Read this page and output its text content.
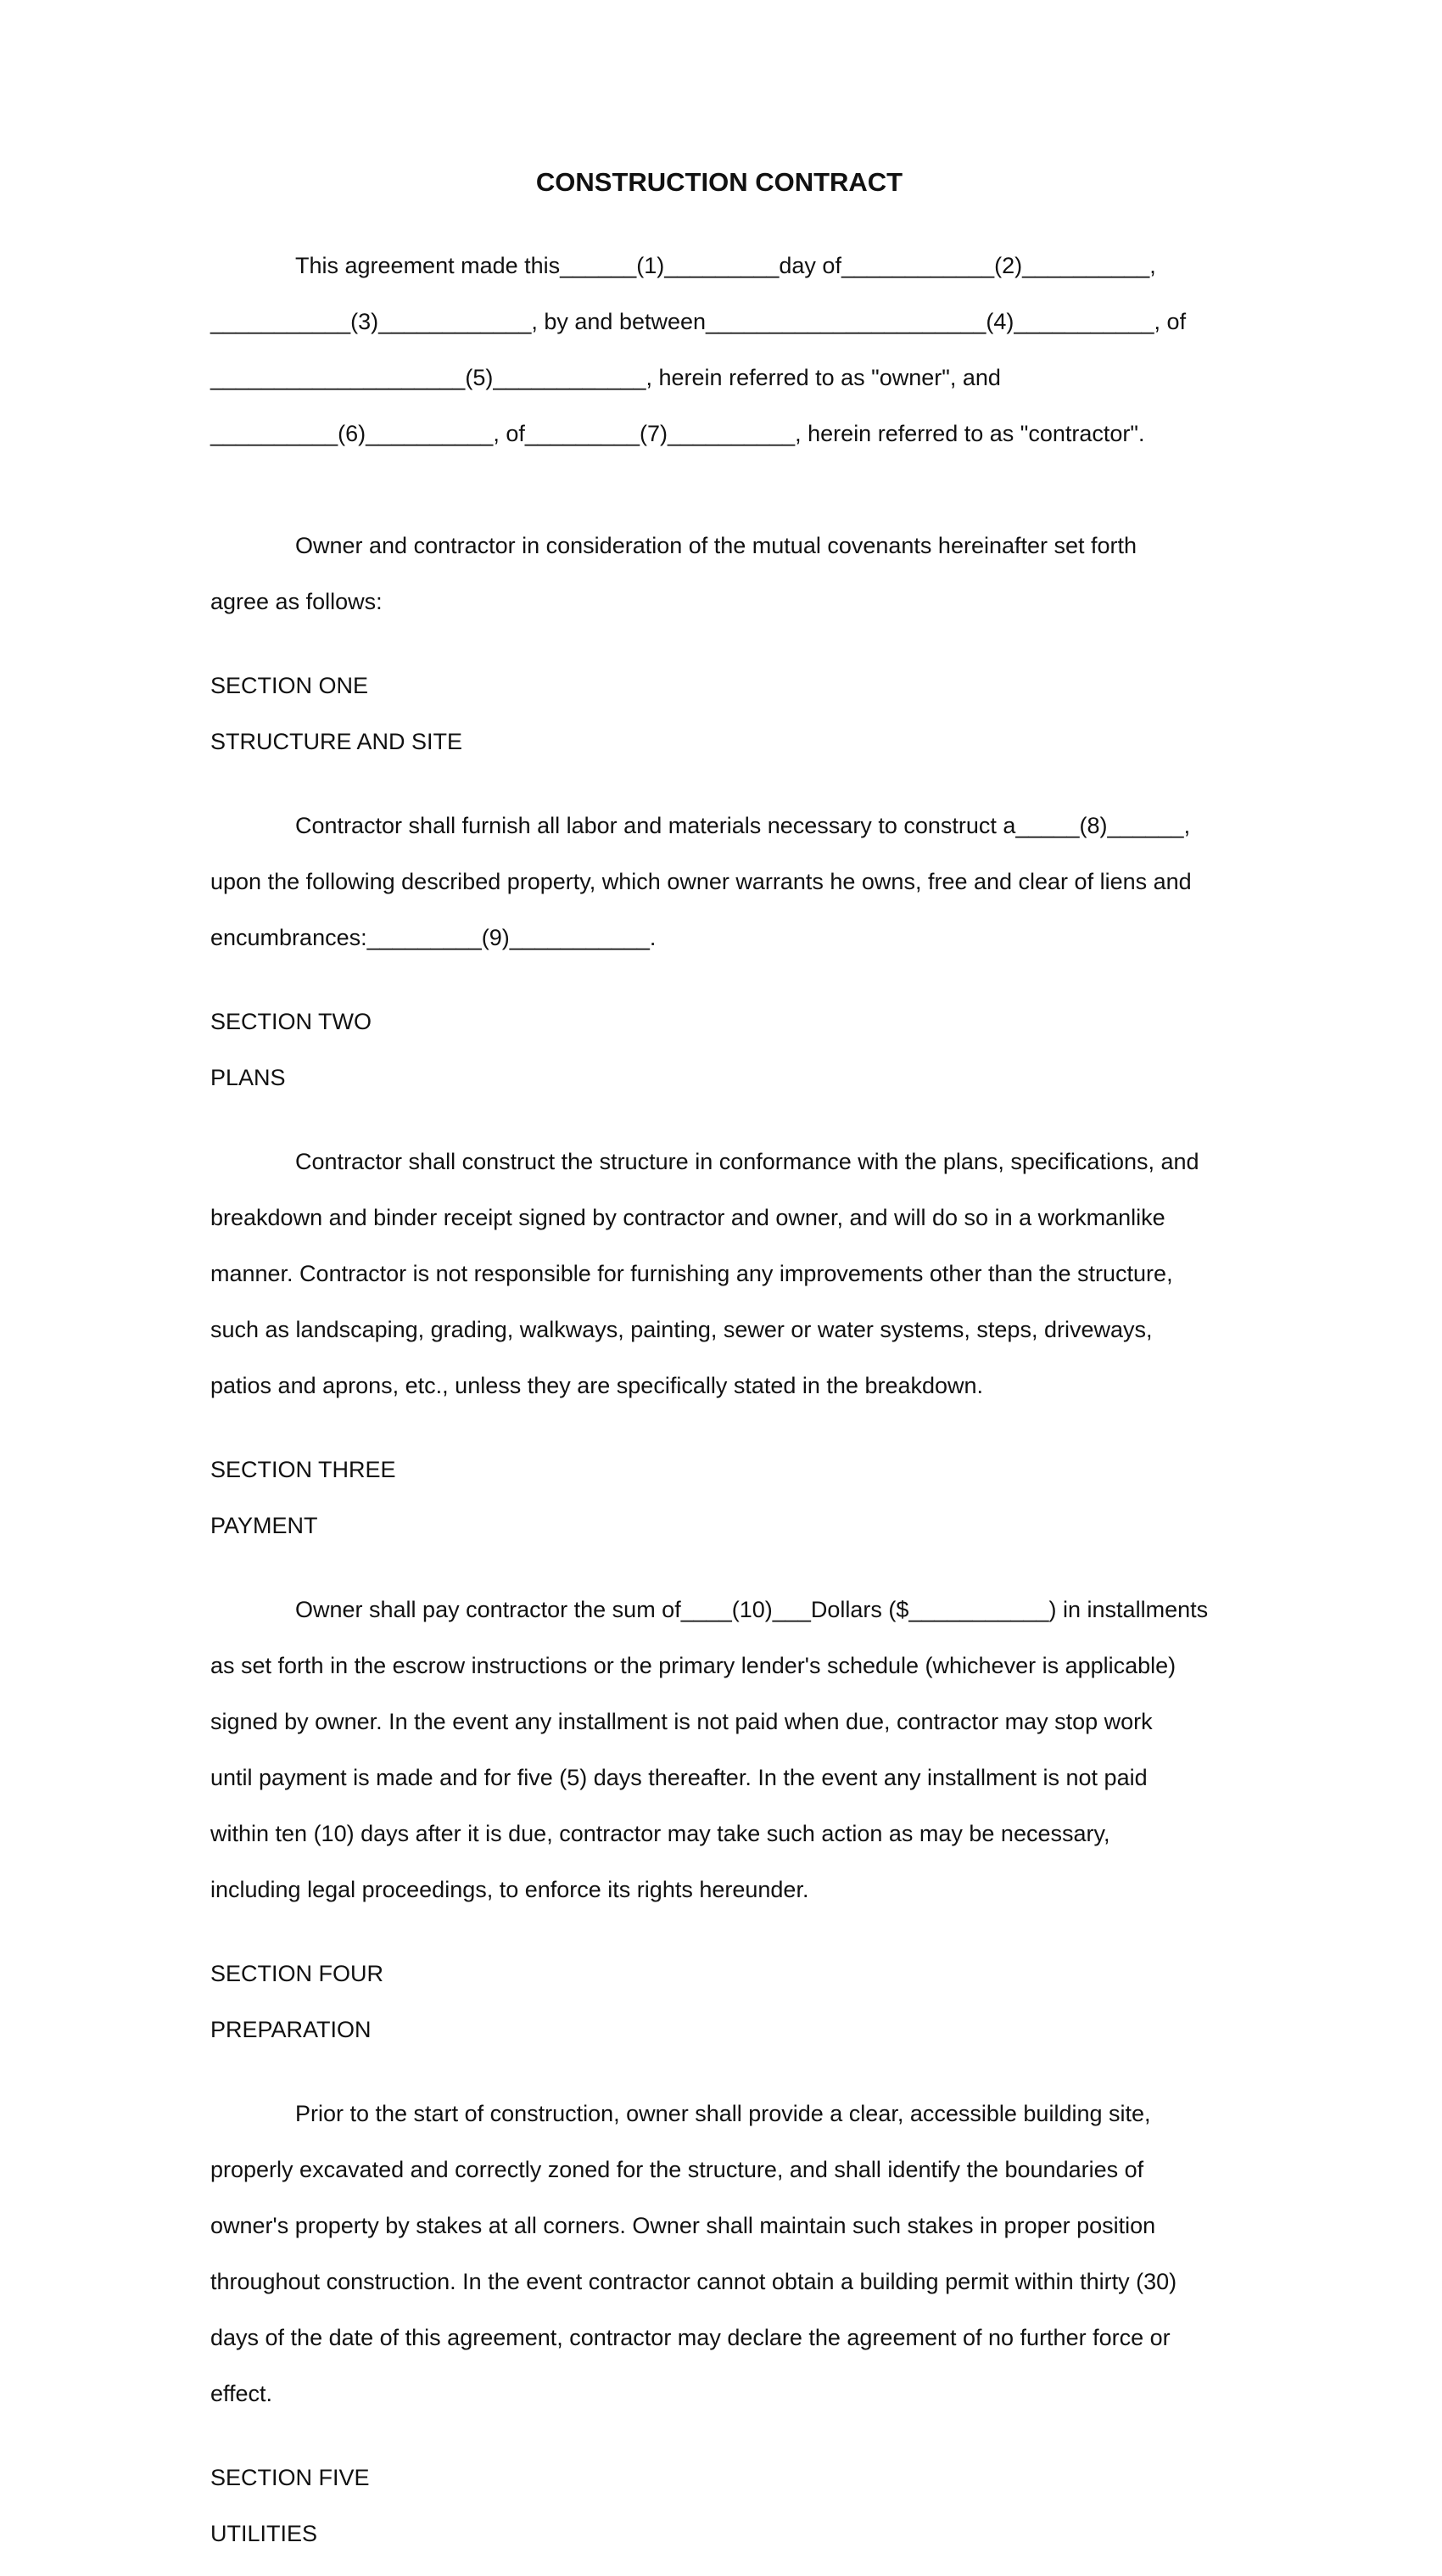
CONSTRUCTION CONTRACT

This agreement made this______(1)_________day of____________(2)__________,

___________(3)____________, by and between______________________(4)___________, of

____________________(5)____________, herein referred to as "owner", and

__________(6)__________, of_________(7)__________, herein referred to as "contractor".

Owner and contractor in consideration of the mutual covenants hereinafter set forth

agree as follows:

SECTION ONE
STRUCTURE AND SITE

Contractor shall furnish all labor and materials necessary to construct a_____(8)______,

upon the following described property, which owner warrants he owns, free and clear of liens and

encumbrances:_________(9)___________.

SECTION TWO
PLANS

Contractor shall construct the structure in conformance with the plans, specifications, and

breakdown and binder receipt signed by contractor and owner, and will do so in a workmanlike

manner. Contractor is not responsible for furnishing any improvements other than the structure,

such as landscaping, grading, walkways, painting, sewer or water systems, steps, driveways,

patios and aprons, etc., unless they are specifically stated in the breakdown.

SECTION THREE
PAYMENT

Owner shall pay contractor the sum of____(10)___Dollars ($___________) in installments

as set forth in the escrow instructions or the primary lender's schedule (whichever is applicable)

signed by owner. In the event any installment is not paid when due, contractor may stop work

until payment is made and for five (5) days thereafter. In the event any installment is not paid

within ten (10) days after it is due, contractor may take such action as may be necessary,

including legal proceedings, to enforce its rights hereunder.

SECTION FOUR
PREPARATION

Prior to the start of construction, owner shall provide a clear, accessible building site,

properly excavated and correctly zoned for the structure, and shall identify the boundaries of

owner's property by stakes at all corners. Owner shall maintain such stakes in proper position

throughout construction. In the event contractor cannot obtain a building permit within thirty (30)

days of the date of this agreement, contractor may declare the agreement of no further force or

effect.

SECTION FIVE
UTILITIES
